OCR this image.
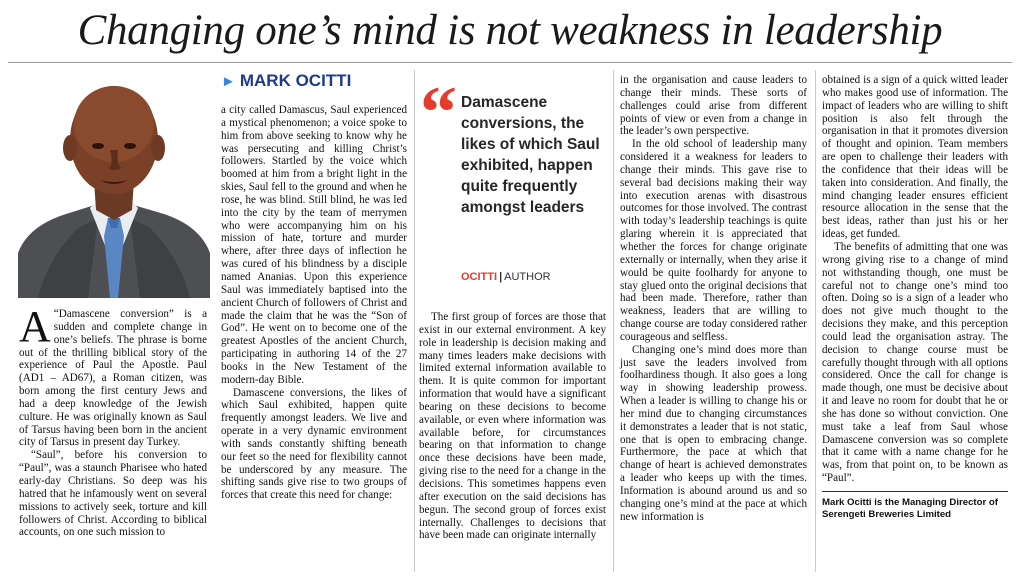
Changing one’s mind is not weakness in leadership
► MARK OCITTI

A “Damascene conversion” is a sudden and complete change in one’s beliefs. The phrase is borne out of the thrilling biblical story of the experience of Paul the Apostle. Paul (AD1 – AD67), a Roman citizen, was born among the first century Jews and had a deep knowledge of the Jewish culture. He was originally known as Saul of Tarsus having been born in the ancient city of Tarsus in present day Turkey.

“Saul”, before his conversion to “Paul”, was a staunch Pharisee who hated early-day Christians. So deep was his hatred that he infamously went on several missions to actively seek, torture and kill followers of Christ. According to biblical accounts, on one such mission to

a city called Damascus, Saul experienced a mystical phenomenon; a voice spoke to him from above seeking to know why he was persecuting and killing Christ’s followers. Startled by the voice which boomed at him from a bright light in the skies, Saul fell to the ground and when he rose, he was blind. Still blind, he was led into the city by the team of merrymen who were accompanying him on his mission of hate, torture and murder where, after three days of inflection he was cured of his blindness by a disciple named Ananias. Upon this experience Saul was immediately baptised into the ancient Church of followers of Christ and made the claim that he was the “Son of God”. He went on to become one of the greatest Apostles of the ancient Church, participating in authoring 14 of the 27 books in the New Testament of the modern-day Bible.

Damascene conversions, the likes of which Saul exhibited, happen quite frequently amongst leaders. We live and operate in a very dynamic environment with sands constantly shifting beneath our feet so the need for flexibility cannot be underscored by any measure. The shifting sands give rise to two groups of forces that create this need for change:

“ Damascene conversions, the likes of which Saul exhibited, happen quite frequently amongst leaders
OCITTI | AUTHOR

The first group of forces are those that exist in our external environment. A key role in leadership is decision making and many times leaders make decisions with limited external information available to them. It is quite common for important information that would have a significant bearing on these decisions to become available, or even where information was available before, for circumstances bearing on that information to change once these decisions have been made, giving rise to the need for a change in the decisions. This sometimes happens even after execution on the said decisions has begun. The second group of forces exist internally. Challenges to decisions that have been made can originate internally

in the organisation and cause leaders to change their minds. These sorts of challenges could arise from different points of view or even from a change in the leader’s own perspective.

In the old school of leadership many considered it a weakness for leaders to change their minds. This gave rise to several bad decisions making their way into execution arenas with disastrous outcomes for those involved. The contrast with today’s leadership teachings is quite glaring wherein it is appreciated that whether the forces for change originate externally or internally, when they arise it would be quite foolhardy for anyone to stay glued onto the original decisions that had been made. Therefore, rather than weakness, leaders that are willing to change course are today considered rather courageous and selfless.

Changing one’s mind does more than just save the leaders involved from foolhardiness though. It also goes a long way in showing leadership prowess. When a leader is willing to change his or her mind due to changing circumstances it demonstrates a leader that is not static, one that is open to embracing change. Furthermore, the pace at which that change of heart is achieved demonstrates a leader who keeps up with the times. Information is abound around us and so changing one’s mind at the pace at which new information is

obtained is a sign of a quick witted leader who makes good use of information. The impact of leaders who are willing to shift position is also felt through the organisation in that it promotes diversion of thought and opinion. Team members are open to challenge their leaders with the confidence that their ideas will be taken into consideration. And finally, the mind changing leader ensures efficient resource allocation in the sense that the best ideas, rather than just his or her ideas, get funded.

The benefits of admitting that one was wrong giving rise to a change of mind not withstanding though, one must be careful not to change one’s mind too often. Doing so is a sign of a leader who does not give much thought to the decisions they make, and this perception could lead the organisation astray. The decision to change course must be carefully thought through with all options considered. Once the call for change is made though, one must be decisive about it and leave no room for doubt that he or she has done so without conviction. One must take a leaf from Saul whose Damascene conversion was so complete that it came with a name change for he was, from that point on, to be known as “Paul”.

Mark Ocitti is the Managing Director of Serengeti Breweries Limited
